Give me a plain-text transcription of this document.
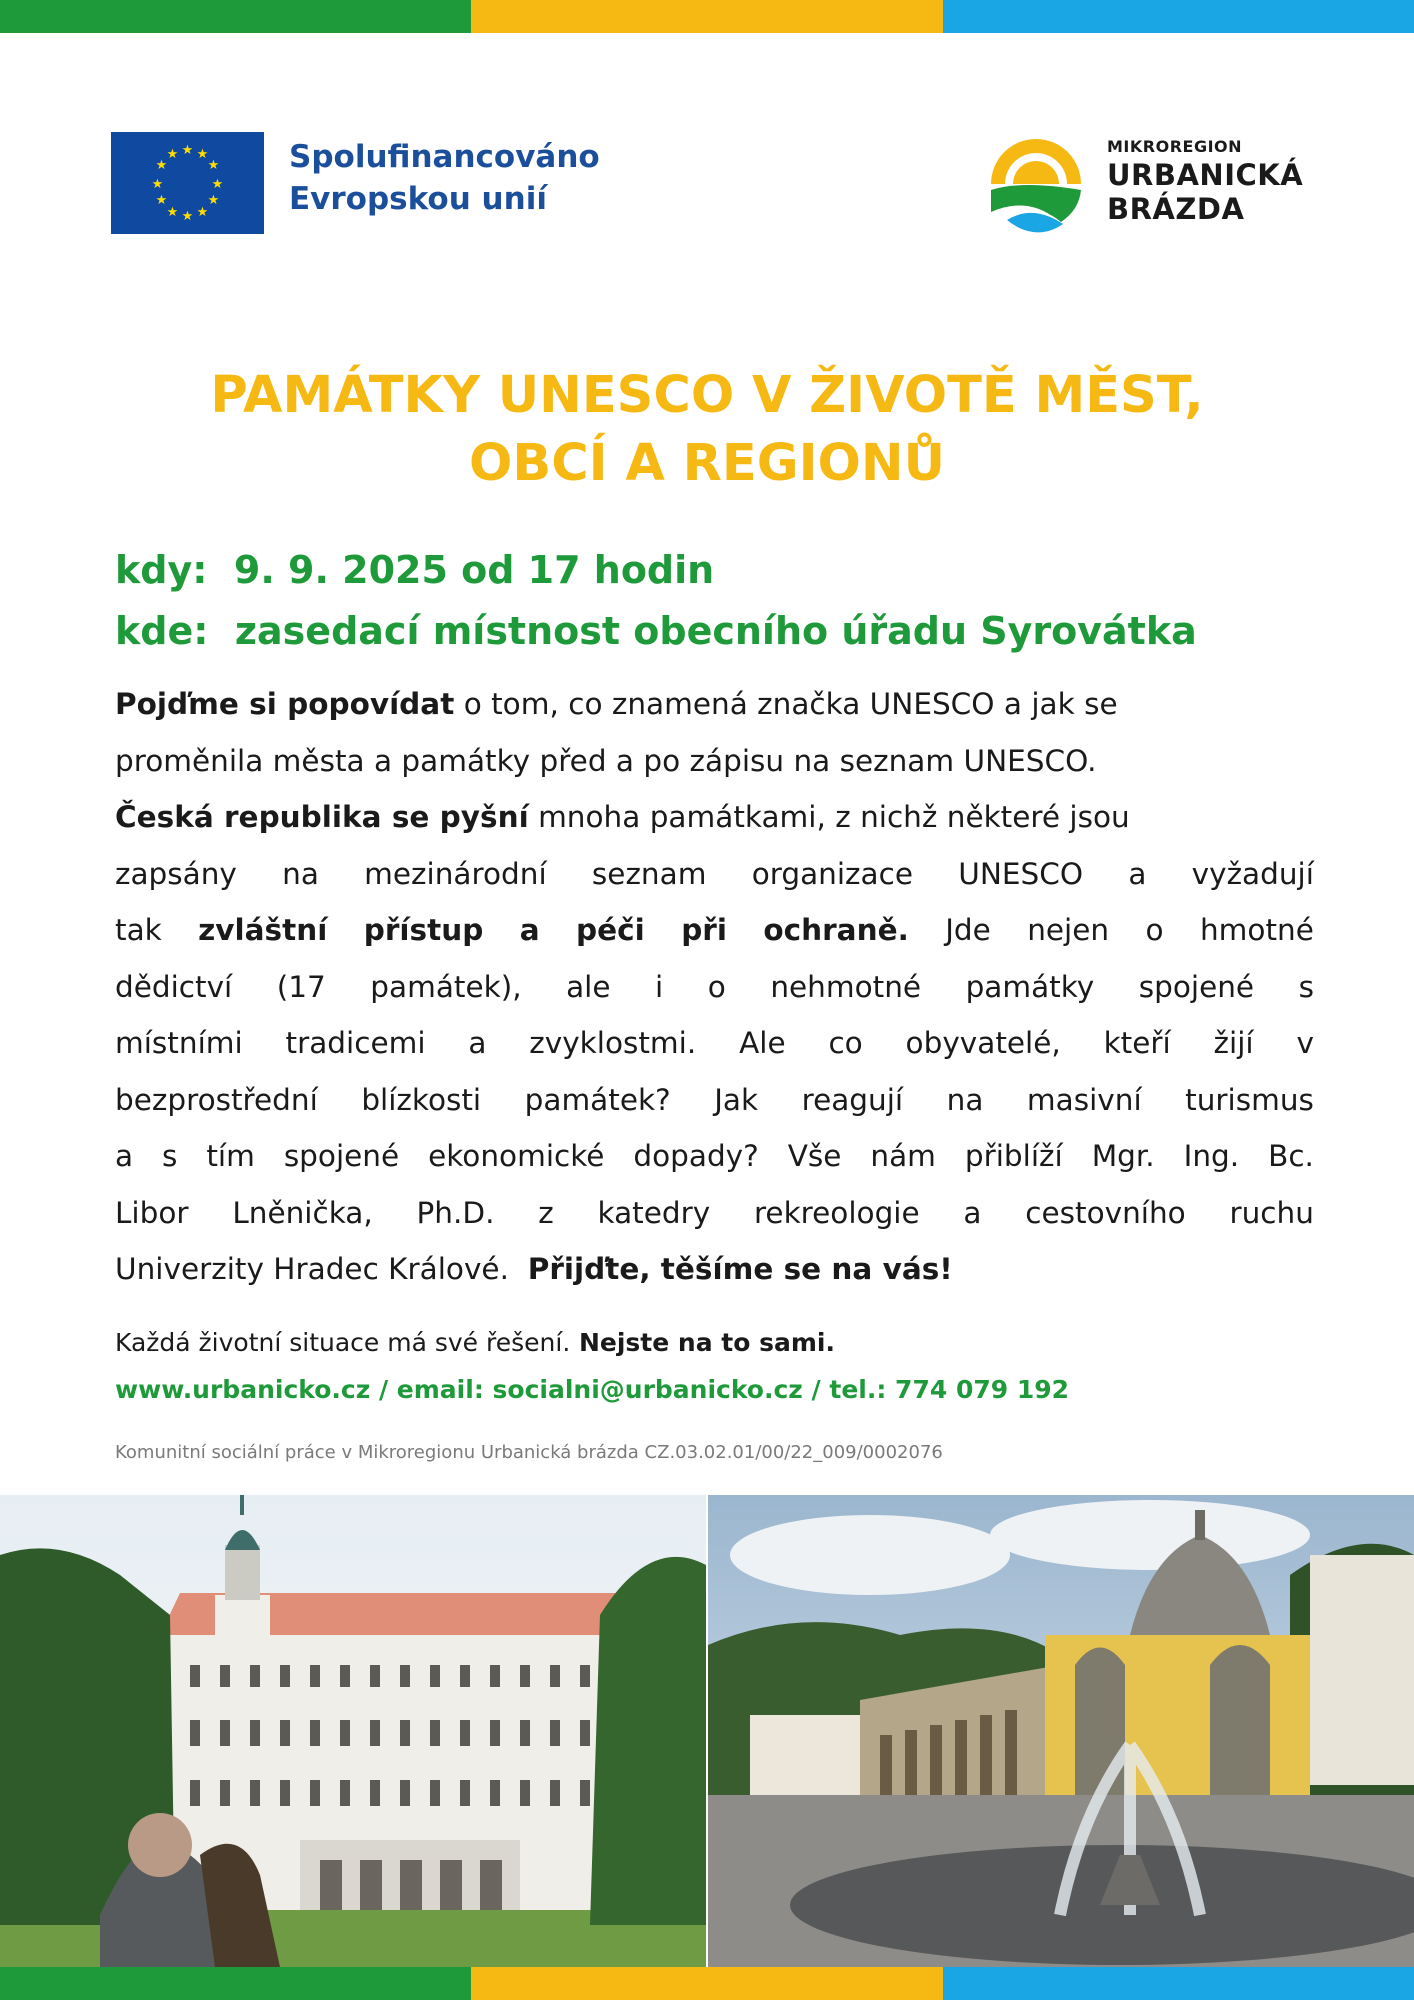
★ ★
★
★
★
★
★
★
★
★
★
★	Spolufinancováno
Evropskou unií
MIKROREGION
URBANICKÁ
BRÁZDA
PAMÁTKY UNESCO V ŽIVOTĚ MĚST,
OBCÍ A REGIONŮ
kdy: 9. 9. 2025 od 17 hodin
kde: zasedací místnost obecního úřadu Syrovátka
Pojďme si popovídat o tom, co znamená značka UNESCO a jak se
proměnila města a památky před a po zápisu na seznam UNESCO.
Česká republika se pyšní mnoha památkami, z nichž některé jsou
zapsány na mezinárodní seznam organizace UNESCO a vyžadují
tak zvláštní přístup a péči při ochraně. Jde nejen o hmotné
dědictví (17 památek), ale i o nehmotné památky spojené s
místními tradicemi a zvyklostmi. Ale co obyvatelé, kteří žijí v
bezprostřední blízkosti památek? Jak reagují na masivní turismus
a s tím spojené ekonomické dopady? Vše nám přiblíží Mgr. Ing. Bc.
Libor Lněnička, Ph.D. z katedry rekreologie a cestovního ruchu
Univerzity Hradec Králové.  Přijďte, těšíme se na vás!
Každá životní situace má své řešení. Nejste na to sami.
www.urbanicko.cz / email: socialni@urbanicko.cz / tel.: 774 079 192
Komunitní sociální práce v Mikroregionu Urbanická brázda CZ.03.02.01/00/22_009/0002076
